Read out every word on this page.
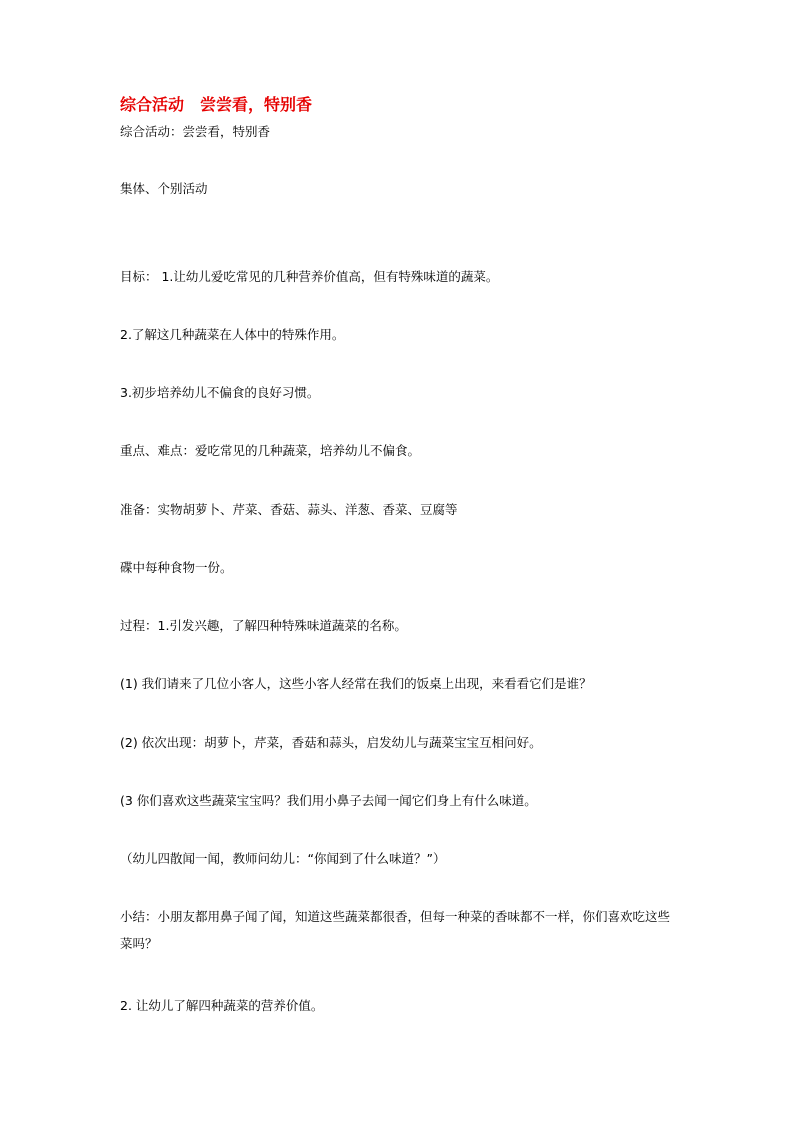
综合活动　尝尝看，特别香
综合活动：尝尝看，特别香
集体、个别活动
目标： 1.让幼儿爱吃常见的几种营养价值高，但有特殊味道的蔬菜。
2.了解这几种蔬菜在人体中的特殊作用。
3.初步培养幼儿不偏食的良好习惯。
重点、难点：爱吃常见的几种蔬菜，培养幼儿不偏食。
准备：实物胡萝卜、芹菜、香菇、蒜头、洋葱、香菜、豆腐等
碟中每种食物一份。
过程：1.引发兴趣，了解四种特殊味道蔬菜的名称。
(1) 我们请来了几位小客人，这些小客人经常在我们的饭桌上出现，来看看它们是谁？
(2) 依次出现：胡萝卜，芹菜，香菇和蒜头，启发幼儿与蔬菜宝宝互相问好。
(3 你们喜欢这些蔬菜宝宝吗？我们用小鼻子去闻一闻它们身上有什么味道。
（幼儿四散闻一闻，教师问幼儿：“你闻到了什么味道？”）
小结：小朋友都用鼻子闻了闻，知道这些蔬菜都很香，但每一种菜的香味都不一样，你们喜欢吃这些菜吗？
2. 让幼儿了解四种蔬菜的营养价值。
